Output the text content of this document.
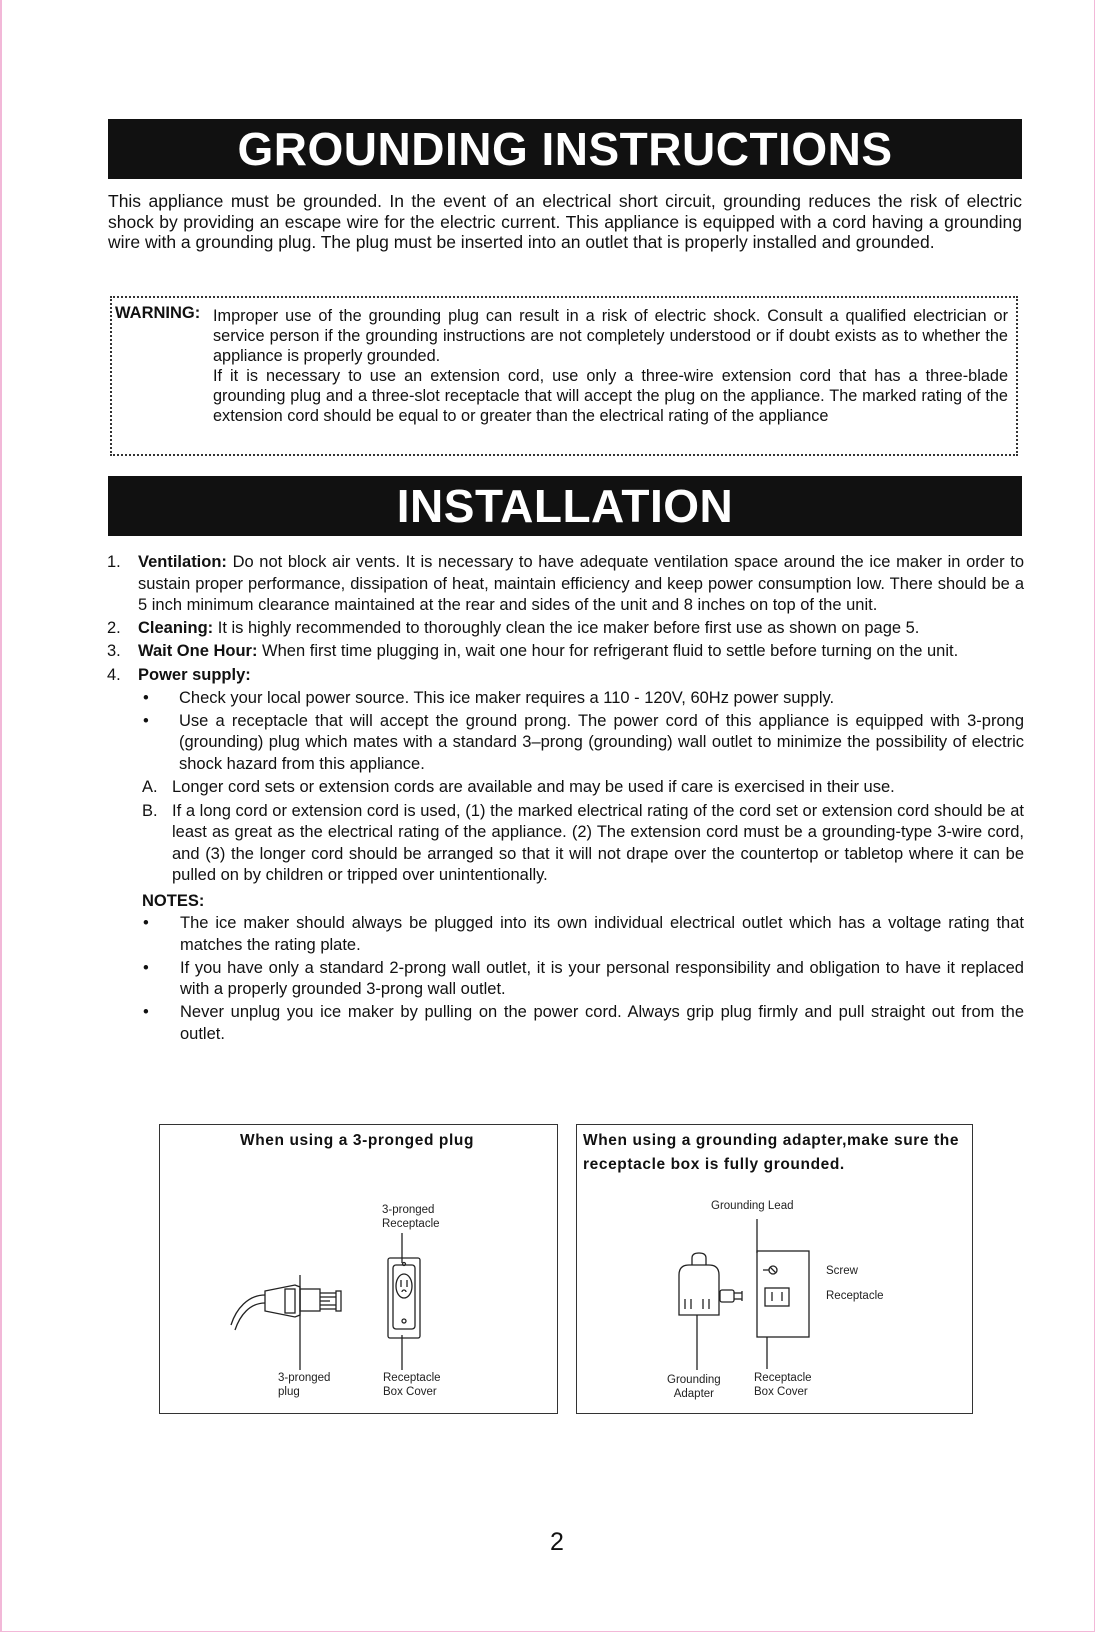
GROUNDING INSTRUCTIONS
This appliance must be grounded. In the event of an electrical short circuit, grounding reduces the risk of electric shock by providing an escape wire for the electric current. This appliance is equipped with a cord having a grounding wire with a grounding plug. The plug must be inserted into an outlet that is properly installed and grounded.
WARNING: Improper use of the grounding plug can result in a risk of electric shock. Consult a qualified electrician or service person if the grounding instructions are not completely understood or if doubt exists as to whether the appliance is properly grounded.

If it is necessary to use an extension cord, use only a three-wire extension cord that has a three-blade grounding plug and a three-slot receptacle that will accept the plug on the appliance. The marked rating of the extension cord should be equal to or greater than the electrical rating of the appliance

INSTALLATION
1. Ventilation: Do not block air vents. It is necessary to have adequate ventilation space around the ice maker in order to sustain proper performance, dissipation of heat, maintain efficiency and keep power consumption low. There should be a 5 inch minimum clearance maintained at the rear and sides of the unit and 8 inches on top of the unit.
2. Cleaning: It is highly recommended to thoroughly clean the ice maker before first use as shown on page 5.
3. Wait One Hour: When first time plugging in, wait one hour for refrigerant fluid to settle before turning on the unit.
4. Power supply:
• Check your local power source. This ice maker requires a 110 - 120V, 60Hz power supply.
• Use a receptacle that will accept the ground prong. The power cord of this appliance is equipped with 3-prong (grounding) plug which mates with a standard 3–prong (grounding) wall outlet to minimize the possibility of electric shock hazard from this appliance.
A. Longer cord sets or extension cords are available and may be used if care is exercised in their use.
B. If a long cord or extension cord is used, (1) the marked electrical rating of the cord set or extension cord should be at least as great as the electrical rating of the appliance. (2) The extension cord must be a grounding-type 3-wire cord, and (3) the longer cord should be arranged so that it will not drape over the countertop or tabletop where it can be pulled on by children or tripped over unintentionally.
NOTES:
• The ice maker should always be plugged into its own individual electrical outlet which has a voltage rating that matches the rating plate.
• If you have only a standard 2-prong wall outlet, it is your personal responsibility and obligation to have it replaced with a properly grounded 3-prong wall outlet.
• Never unplug you ice maker by pulling on the power cord. Always grip plug firmly and pull straight out from the outlet.
When using a 3-pronged plug
3-pronged
Receptacle
3-pronged
plug
Receptacle
Box Cover
When using a grounding adapter,make sure the receptacle box is fully grounded.
Grounding Lead
Screw
Receptacle
Grounding
Adapter
Receptacle
Box Cover
2
